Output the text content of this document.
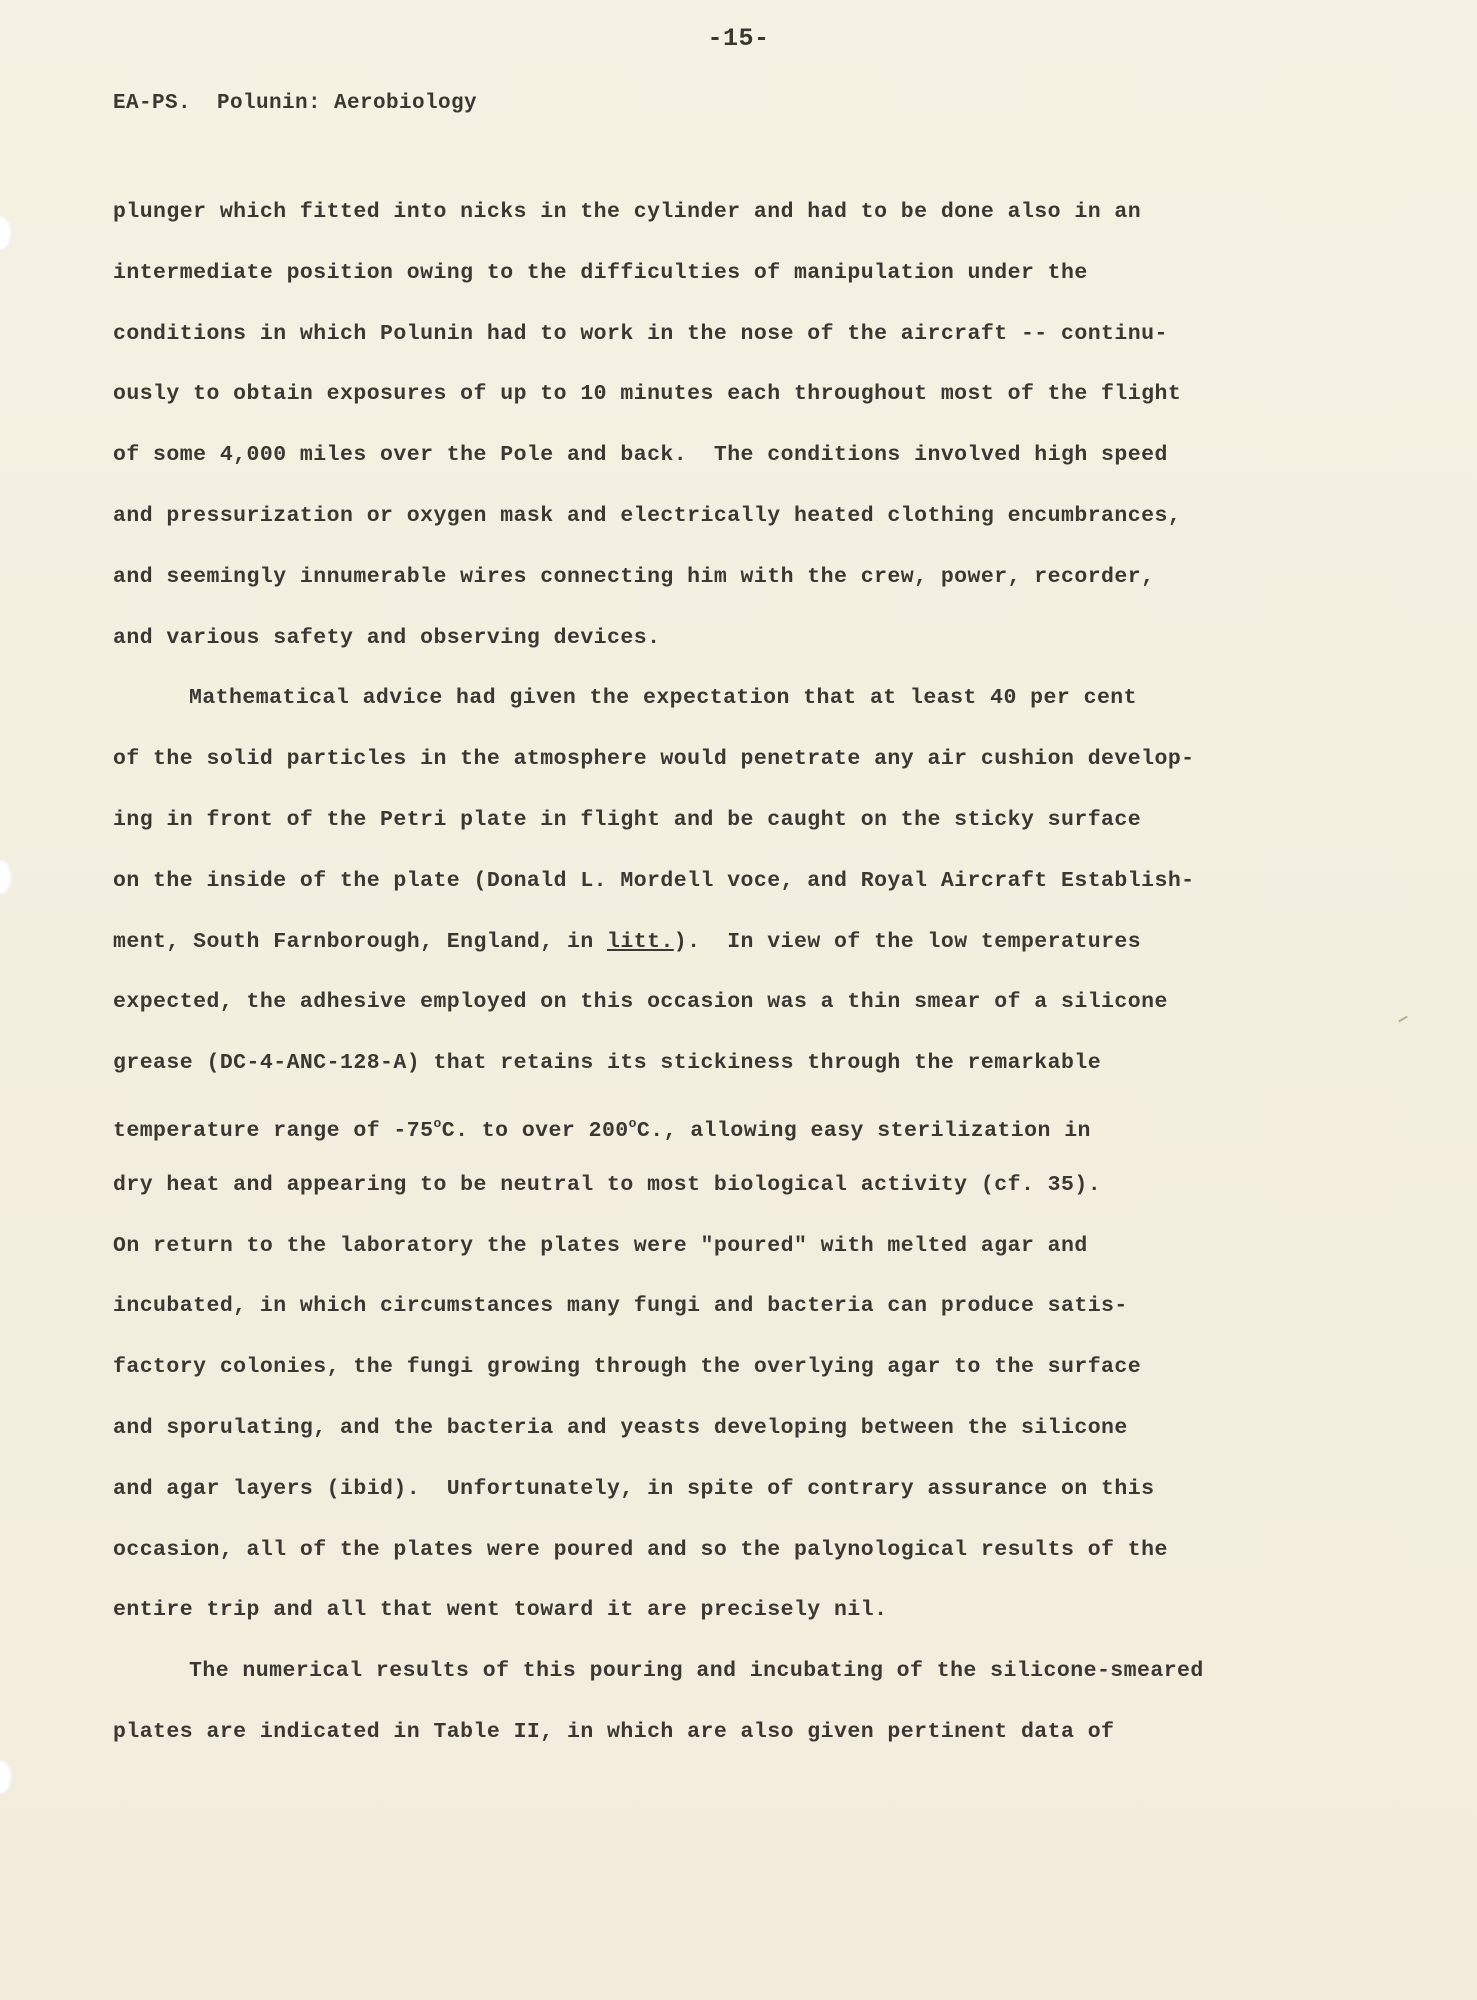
-15-
EA-PS.  Polunin: Aerobiology
plunger which fitted into nicks in the cylinder and had to be done also in an
intermediate position owing to the difficulties of manipulation under the
conditions in which Polunin had to work in the nose of the aircraft -- continu-
ously to obtain exposures of up to 10 minutes each throughout most of the flight
of some 4,000 miles over the Pole and back.  The conditions involved high speed
and pressurization or oxygen mask and electrically heated clothing encumbrances,
and seemingly innumerable wires connecting him with the crew, power, recorder,
and various safety and observing devices.
Mathematical advice had given the expectation that at least 40 per cent
of the solid particles in the atmosphere would penetrate any air cushion develop-
ing in front of the Petri plate in flight and be caught on the sticky surface
on the inside of the plate (Donald L. Mordell voce, and Royal Aircraft Establish-
ment, South Farnborough, England, in litt.).  In view of the low temperatures
expected, the adhesive employed on this occasion was a thin smear of a silicone
grease (DC-4-ANC-128-A) that retains its stickiness through the remarkable
temperature range of -75$^o$C. to over 200$^o$C., allowing easy sterilization in
dry heat and appearing to be neutral to most biological activity (cf. 35).
On return to the laboratory the plates were "poured" with melted agar and
incubated, in which circumstances many fungi and bacteria can produce satis-
factory colonies, the fungi growing through the overlying agar to the surface
and sporulating, and the bacteria and yeasts developing between the silicone
and agar layers (ibid).  Unfortunately, in spite of contrary assurance on this
occasion, all of the plates were poured and so the palynological results of the
entire trip and all that went toward it are precisely nil.
The numerical results of this pouring and incubating of the silicone-smeared
plates are indicated in Table II, in which are also given pertinent data of
